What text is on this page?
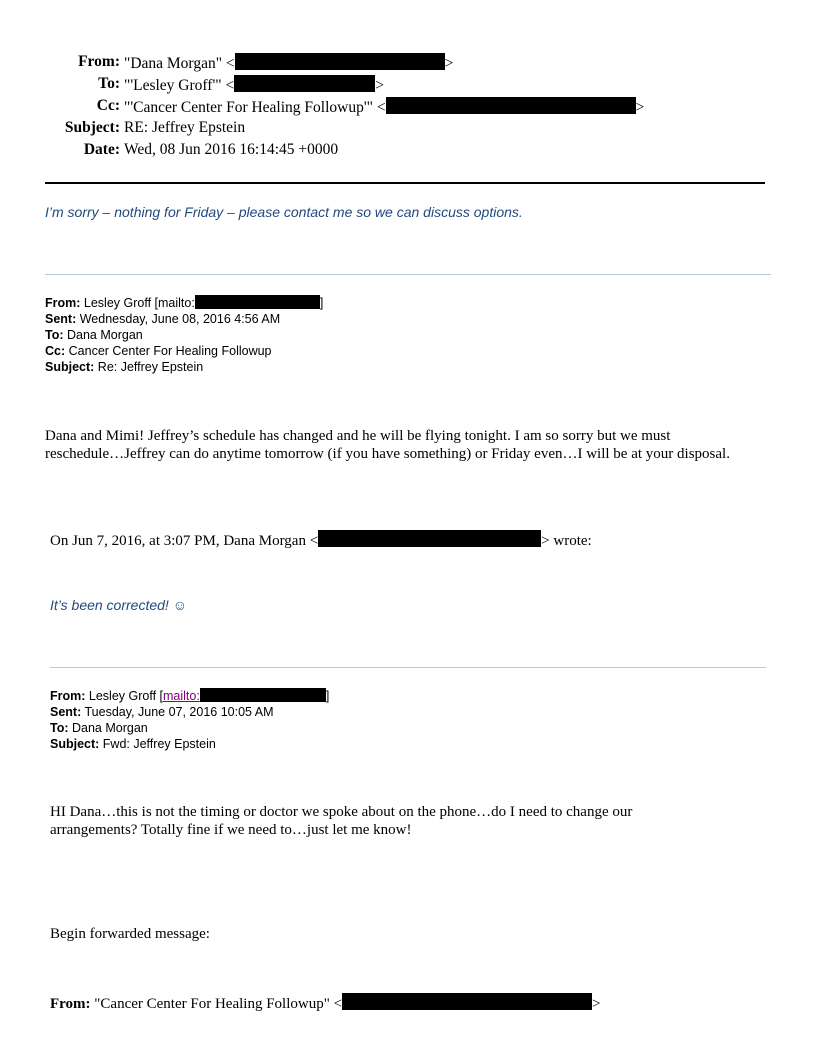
From: "Dana Morgan" <	>
To: "'Lesley Groff'" <	>
Cc: "'Cancer Center For Healing Followup'" <	>
Subject: RE: Jeffrey Epstein
Date: Wed, 08 Jun 2016 16:14:45 +0000
I’m sorry – nothing for Friday – please contact me so we can discuss options.
From: Lesley Groff [mailto:	]
Sent: Wednesday, June 08, 2016 4:56 AM
To: Dana Morgan
Cc: Cancer Center For Healing Followup
Subject: Re: Jeffrey Epstein
Dana and Mimi! Jeffrey’s schedule has changed and he will be flying tonight. I am so sorry but we must reschedule…Jeffrey can do anytime tomorrow (if you have something) or Friday even…I will be at your disposal.
On Jun 7, 2016, at 3:07 PM, Dana Morgan <	> wrote:
It’s been corrected! ☺
From: Lesley Groff [mailto:	]
Sent: Tuesday, June 07, 2016 10:05 AM
To: Dana Morgan
Subject: Fwd: Jeffrey Epstein
HI Dana…this is not the timing or doctor we spoke about on the phone…do I need to change our
arrangements? Totally fine if we need to…just let me know!
Begin forwarded message:
From: "Cancer Center For Healing Followup" <	>
